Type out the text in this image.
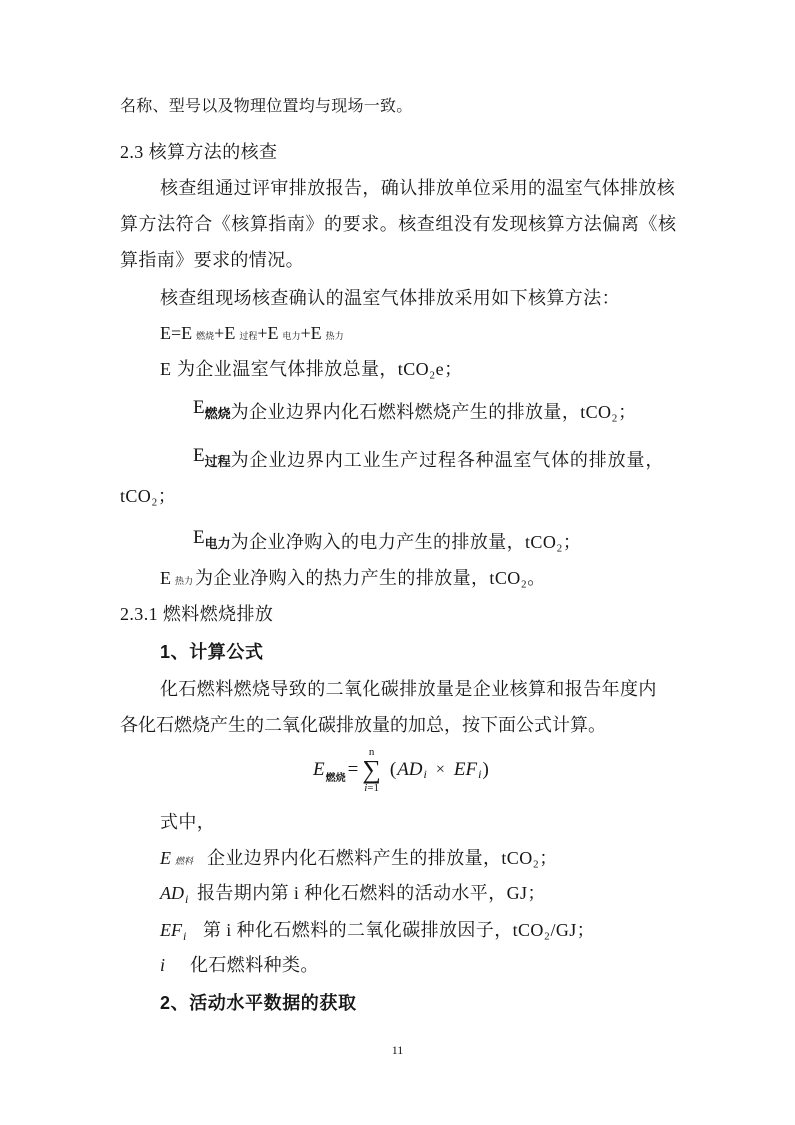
名称、型号以及物理位置均与现场一致。
2.3 核算方法的核查
核查组通过评审排放报告，确认排放单位采用的温室气体排放核
算方法符合《核算指南》的要求。核查组没有发现核算方法偏离《核
算指南》要求的情况。
核查组现场核查确认的温室气体排放采用如下核算方法：
E=E 燃烧+E 过程+E 电力+E 热力
E 为企业温室气体排放总量，tCO₂e；
E燃烧为企业边界内化石燃料燃烧产生的排放量，tCO₂；
E过程为企业边界内工业生产过程各种温室气体的排放量，
tCO₂；
E电力为企业净购入的电力产生的排放量，tCO₂；
E热力 为企业净购入的热力产生的排放量，tCO₂。
2.3.1 燃料燃烧排放
1、计算公式
化石燃料燃烧导致的二氧化碳排放量是企业核算和报告年度内
各化石燃烧产生的二氧化碳排放量的加总，按下面公式计算。
E 燃烧 =
n
∑
i=1
( AD i × EF i )
式中，
E燃料 企业边界内化石燃料产生的排放量，tCO₂；
$AD_i$ 报告期内第 i 种化石燃料的活动水平，GJ；
$EF_i$ 第 i 种化石燃料的二氧化碳排放因子，tCO₂/GJ；
i 化石燃料种类。
2、活动水平数据的获取
11
